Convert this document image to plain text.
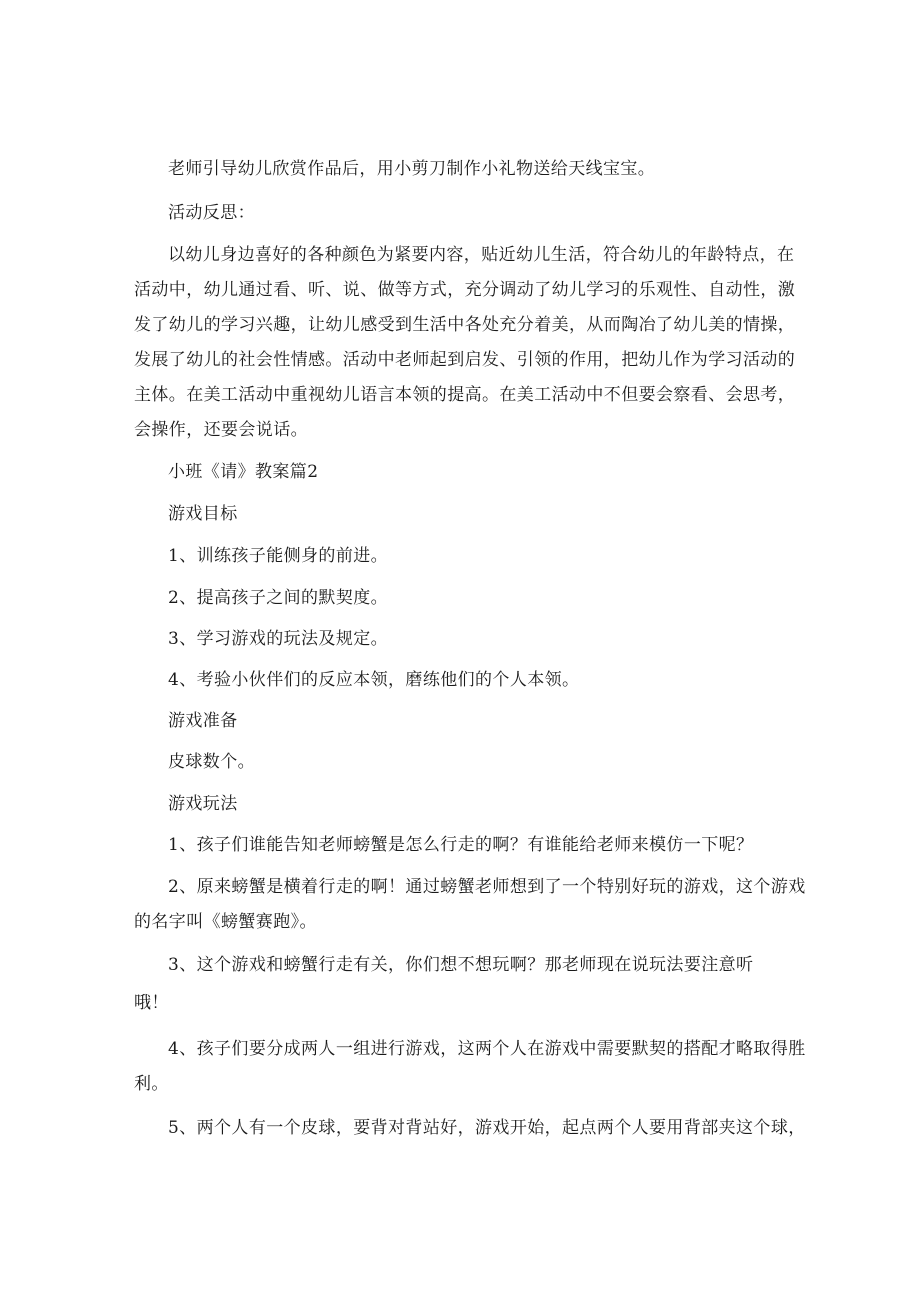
老师引导幼儿欣赏作品后，用小剪刀制作小礼物送给天线宝宝。
活动反思：
以幼儿身边喜好的各种颜色为紧要内容，贴近幼儿生活，符合幼儿的年龄特点，在
活动中，幼儿通过看、听、说、做等方式，充分调动了幼儿学习的乐观性、自动性，激
发了幼儿的学习兴趣，让幼儿感受到生活中各处充分着美，从而陶冶了幼儿美的情操，
发展了幼儿的社会性情感。活动中老师起到启发、引领的作用，把幼儿作为学习活动的
主体。在美工活动中重视幼儿语言本领的提高。在美工活动中不但要会察看、会思考，
会操作，还要会说话。
小班《请》教案篇2
游戏目标
1、训练孩子能侧身的前进。
2、提高孩子之间的默契度。
3、学习游戏的玩法及规定。
4、考验小伙伴们的反应本领，磨练他们的个人本领。
游戏准备
皮球数个。
游戏玩法
1、孩子们谁能告知老师螃蟹是怎么行走的啊？有谁能给老师来模仿一下呢？
2、原来螃蟹是横着行走的啊！通过螃蟹老师想到了一个特别好玩的游戏，这个游戏
的名字叫《螃蟹赛跑》。
3、这个游戏和螃蟹行走有关，你们想不想玩啊？那老师现在说玩法要注意听
哦！
4、孩子们要分成两人一组进行游戏，这两个人在游戏中需要默契的搭配才略取得胜
利。
5、两个人有一个皮球，要背对背站好，游戏开始，起点两个人要用背部夹这个球，
